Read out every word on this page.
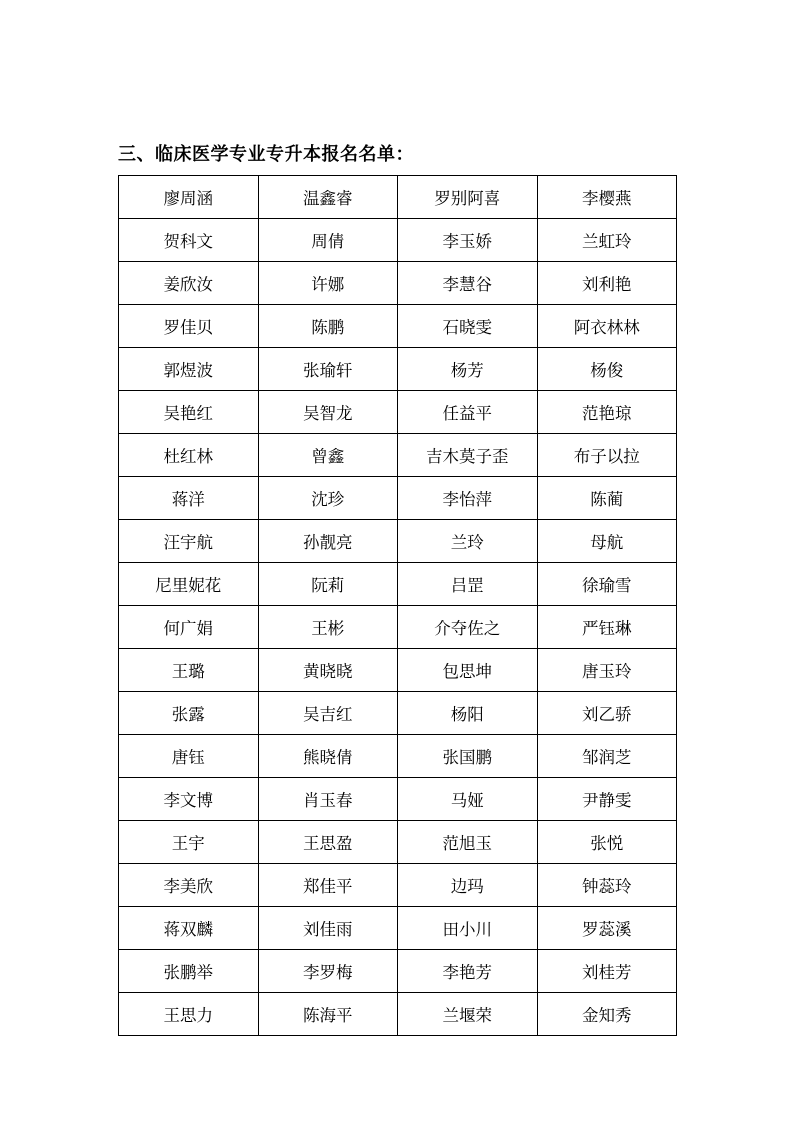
三、临床医学专业专升本报名名单：
廖周涵	温鑫睿	罗别阿喜	李樱燕
贺科文	周倩	李玉娇	兰虹玲
姜欣汝	许娜	李慧谷	刘利艳
罗佳贝	陈鹏	石晓雯	阿衣林林
郭煜波	张瑜轩	杨芳	杨俊
吴艳红	吴智龙	任益平	范艳琼
杜红林	曾鑫	吉木莫子歪	布子以拉
蒋洋	沈珍	李怡萍	陈蔺
汪宇航	孙靓亮	兰玲	母航
尼里妮花	阮莉	吕罡	徐瑜雪
何广娟	王彬	介夺佐之	严钰琳
王璐	黄晓晓	包思坤	唐玉玲
张露	吴吉红	杨阳	刘乙骄
唐钰	熊晓倩	张国鹏	邹润芝
李文博	肖玉春	马娅	尹静雯
王宇	王思盈	范旭玉	张悦
李美欣	郑佳平	边玛	钟蕊玲
蒋双麟	刘佳雨	田小川	罗蕊溪
张鹏举	李罗梅	李艳芳	刘桂芳
王思力	陈海平	兰堰荣	金知秀
